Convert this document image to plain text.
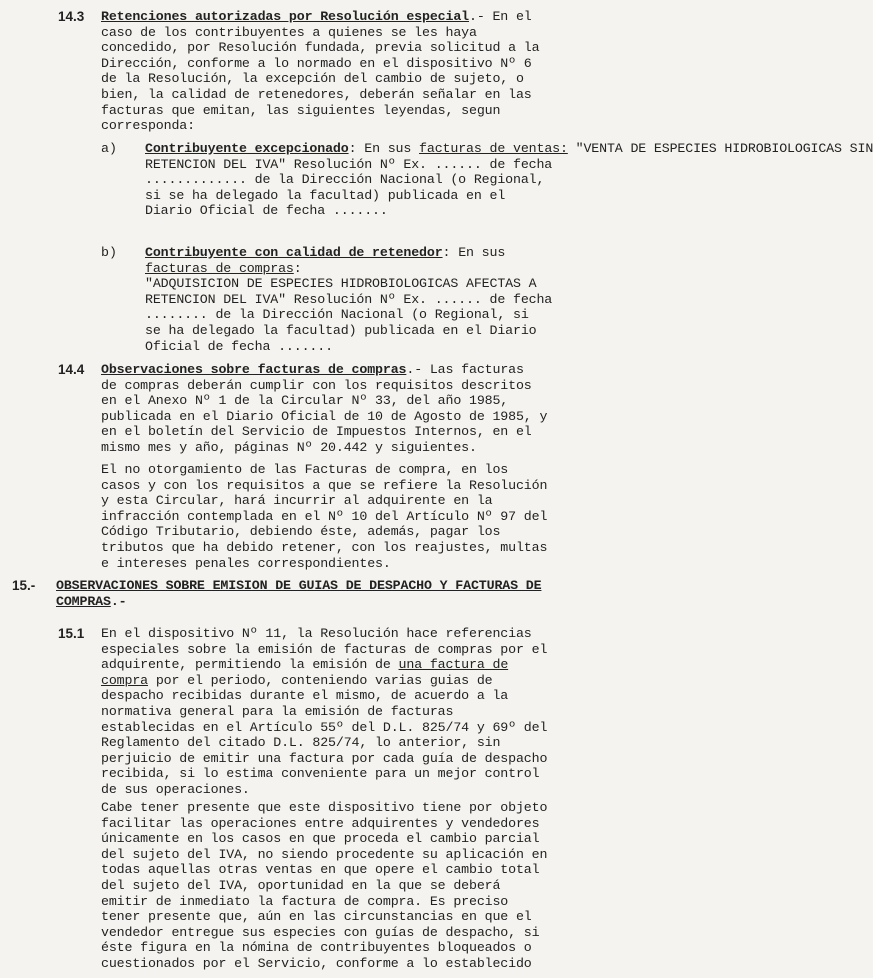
14.3 Retenciones autorizadas por Resolución especial.- En el
caso de los contribuyentes a quienes se les haya
concedido, por Resolución fundada, previa solicitud a la
Dirección, conforme a lo normado en el dispositivo Nº 6
de la Resolución, la excepción del cambio de sujeto, o
bien, la calidad de retenedores, deberán señalar en las
facturas que emitan, las siguientes leyendas, segun
corresponda:
a) Contribuyente excepcionado: En sus facturas de ventas: "VENTA DE ESPECIES HIDROBIOLOGICAS SIN
RETENCION DEL IVA" Resolución Nº Ex. ...... de fecha
............. de la Dirección Nacional (o Regional,
si se ha delegado la facultad) publicada en el
Diario Oficial de fecha .......
b) Contribuyente con calidad de retenedor: En sus
facturas de compras:
"ADQUISICION DE ESPECIES HIDROBIOLOGICAS AFECTAS A
RETENCION DEL IVA" Resolución Nº Ex. ...... de fecha
........ de la Dirección Nacional (o Regional, si
se ha delegado la facultad) publicada en el Diario
Oficial de fecha .......
14.4 Observaciones sobre facturas de compras.- Las facturas
de compras deberán cumplir con los requisitos descritos
en el Anexo Nº 1 de la Circular Nº 33, del año 1985,
publicada en el Diario Oficial de 10 de Agosto de 1985, y
en el boletín del Servicio de Impuestos Internos, en el
mismo mes y año, páginas Nº 20.442 y siguientes.
El no otorgamiento de las Facturas de compra, en los
casos y con los requisitos a que se refiere la Resolución
y esta Circular, hará incurrir al adquirente en la
infracción contemplada en el Nº 10 del Artículo Nº 97 del
Código Tributario, debiendo éste, además, pagar los
tributos que ha debido retener, con los reajustes, multas
e intereses penales correspondientes.
15.- OBSERVACIONES SOBRE EMISION DE GUIAS DE DESPACHO Y FACTURAS DE
COMPRAS.-
15.1 En el dispositivo Nº 11, la Resolución hace referencias
especiales sobre la emisión de facturas de compras por el
adquirente, permitiendo la emisión de una factura de
compra por el periodo, conteniendo varias guias de
despacho recibidas durante el mismo, de acuerdo a la
normativa general para la emisión de facturas
establecidas en el Artículo 55º del D.L. 825/74 y 69º del
Reglamento del citado D.L. 825/74, lo anterior, sin
perjuicio de emitir una factura por cada guía de despacho
recibida, si lo estima conveniente para un mejor control
de sus operaciones.
Cabe tener presente que este dispositivo tiene por objeto
facilitar las operaciones entre adquirentes y vendedores
únicamente en los casos en que proceda el cambio parcial
del sujeto del IVA, no siendo procedente su aplicación en
todas aquellas otras ventas en que opere el cambio total
del sujeto del IVA, oportunidad en la que se deberá
emitir de inmediato la factura de compra. Es preciso
tener presente que, aún en las circunstancias en que el
vendedor entregue sus especies con guías de despacho, si
éste figura en la nómina de contribuyentes bloqueados o
cuestionados por el Servicio, conforme a lo establecido
